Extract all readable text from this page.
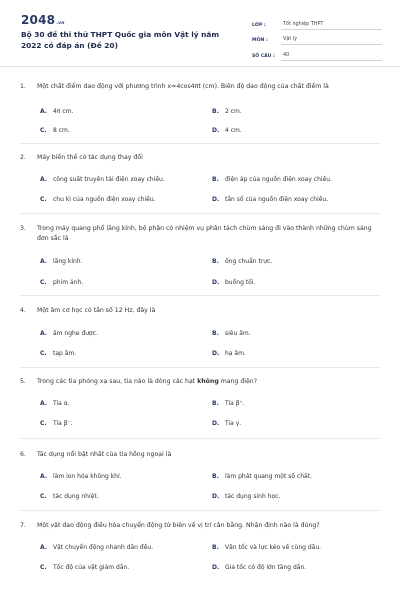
2048.vn
Bộ 30 đề thi thử THPT Quốc gia môn Vật lý năm 2022 có đáp án (Đề 20)
LỚP :	Tốt nghiệp THPT
MÔN :	Vật lý
SỐ CÂU :	40
1. Một chất điểm dao động với phương trình x=4cos4πt (cm). Biên độ dao động của chất điểm là
A. 4π cm.	B. 2 cm.
C. 8 cm.	D. 4 cm.
2. Máy biến thế có tác dụng thay đổi
A. công suất truyền tải điện xoay chiều.	B. điện áp của nguồn điện xoay chiều.
C. chu kì của nguồn điện xoay chiều.	D. tần số của nguồn điện xoay chiều.
3. Trong máy quang phổ lăng kính, bộ phận có nhiệm vụ phân tách chùm sáng đi vào thành những chùm sáng đơn sắc là
A. lăng kính.	B. ống chuẩn trực.
C. phim ảnh.	D. buồng tối.
4. Một âm cơ học có tần số 12 Hz, đây là
A. âm nghe được.	B. siêu âm.
C. tạp âm.	D. hạ âm.
5. Trong các tia phóng xạ sau, tia nào là dòng các hạt không mang điện?
A. Tia α.	B. Tia β⁺.
C. Tia β⁻.	D. Tia γ.
6. Tác dụng nổi bật nhất của tia hồng ngoại là
A. làm ion hóa không khí.	B. làm phát quang một số chất.
C. tác dụng nhiệt.	D. tác dụng sinh học.
7. Một vật dao động điều hòa chuyển động từ biên về vị trí cân bằng. Nhận định nào là đúng?
A. Vật chuyển động nhanh dần đều.	B. Vận tốc và lực kéo về cùng dấu.
C. Tốc độ của vật giảm dần.	D. Gia tốc có độ lớn tăng dần.
